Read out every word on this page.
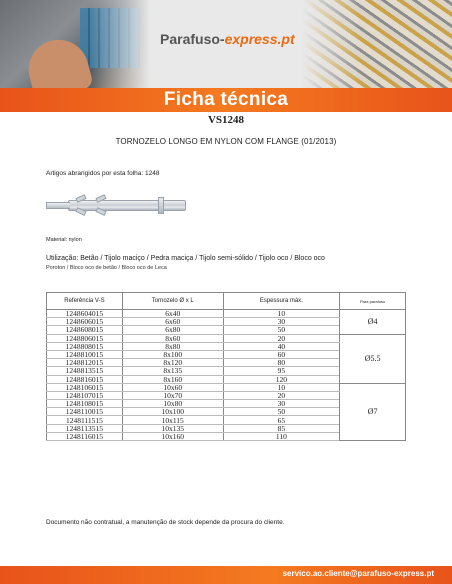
Parafuso-express.pt
Ficha técnica
VS1248
TORNOZELO LONGO EM NYLON COM FLANGE (01/2013)
Artigos abrangidos por esta folha: 1248
Material: nylon
Utilização: Betão / Tijolo maciço / Pedra maciça / Tijolo semi-sólido / Tijolo oco / Bloco oco
Poroton / Bloco oco de betão / Bloco oco de Leca
Referência V-S	Tornozelo Ø x L	Espessura máx.	Para parafuso
1248604015	6x40	10	Ø4
1248606015	6x60	30	
1248608015	6x80	50	
1248806015	8x60	20	Ø5.5
1248808015	8x80	40	
1248810015	8x100	60	
1248812015	8x120	80	
1248813515	8x135	95	
1248816015	8x160	120	
1248106015	10x60	10	Ø7
1248107015	10x70	20	
1248108015	10x80	30	
1248110015	10x100	50	
1248111515	10x115	65	
1248113515	10x135	85	
1248116015	10x160	110	
Documento não contratual, a manutenção de stock depende da procura do cliente.
servico.ao.cliente@parafuso-express.pt
